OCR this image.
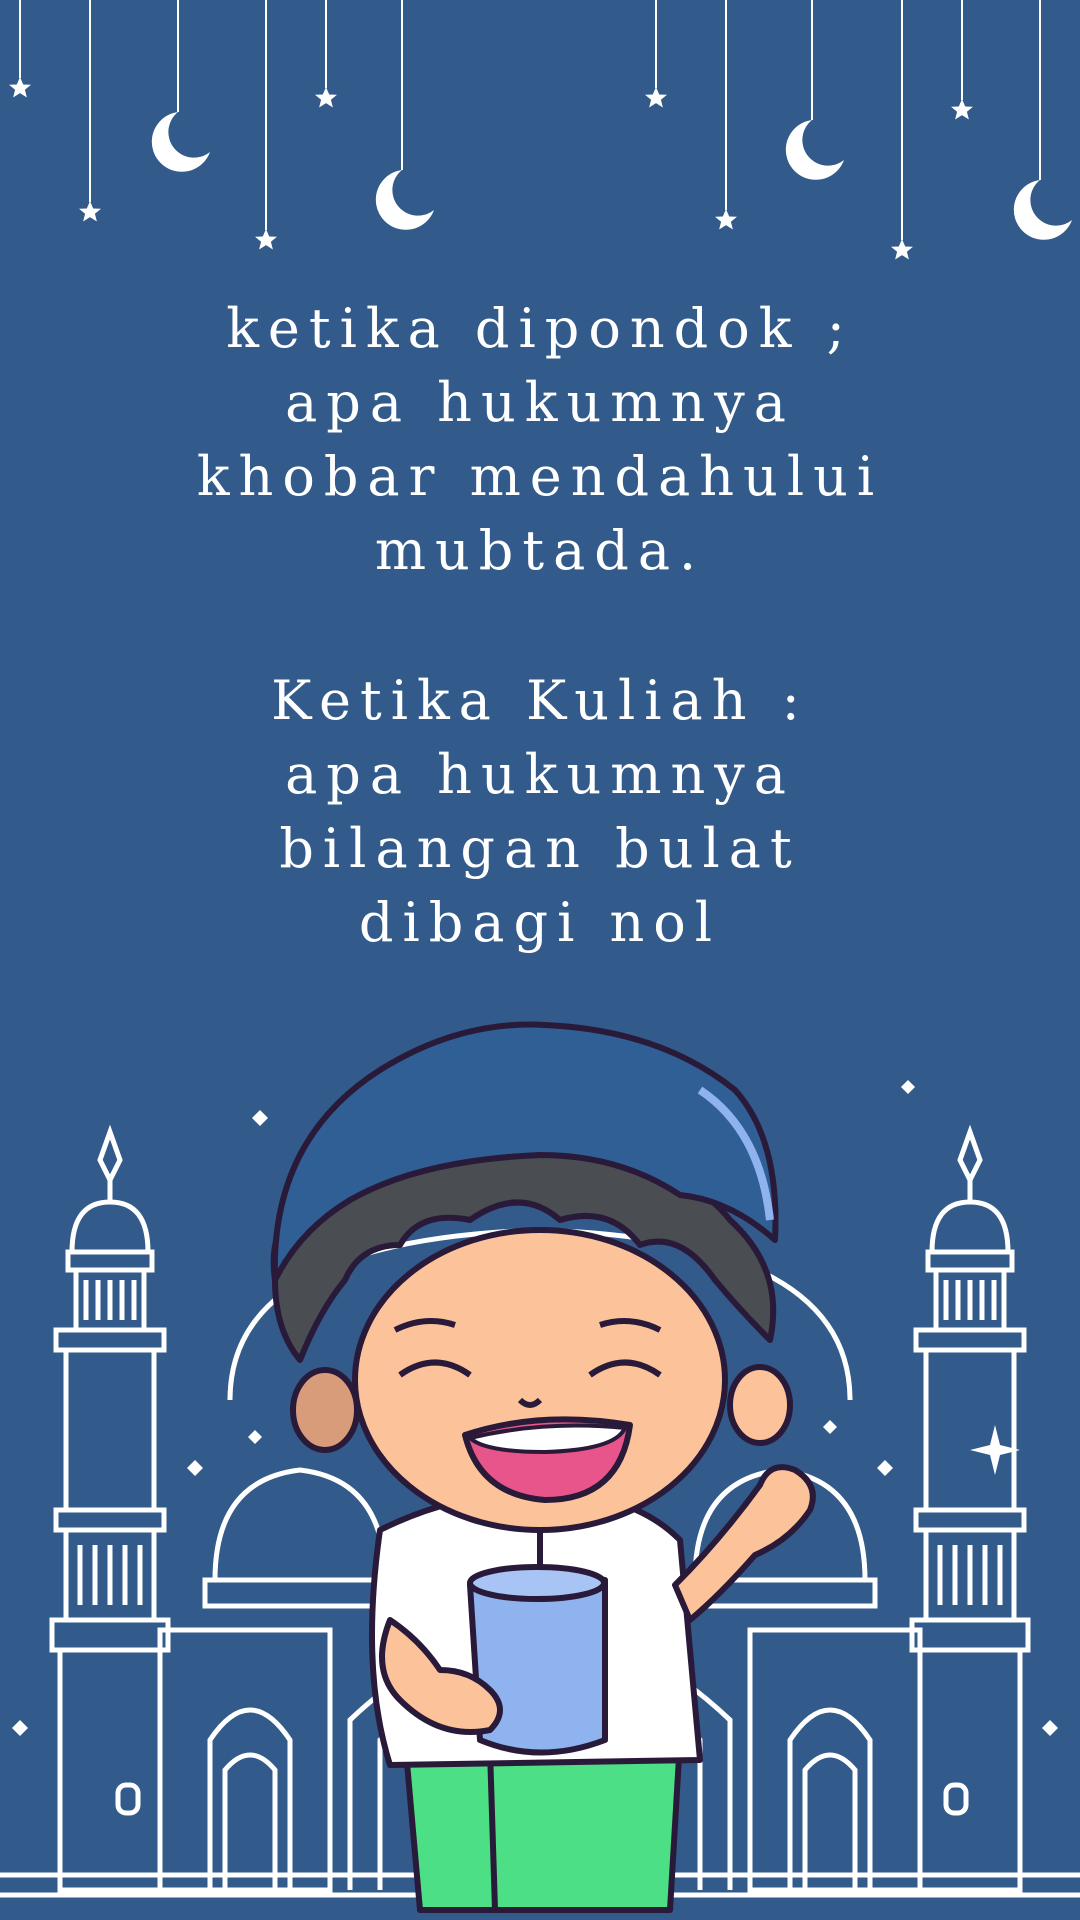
ketika dipondok ;
apa hukumnya
khobar mendahului
mubtada.
Ketika Kuliah :
apa hukumnya
bilangan bulat
dibagi nol
